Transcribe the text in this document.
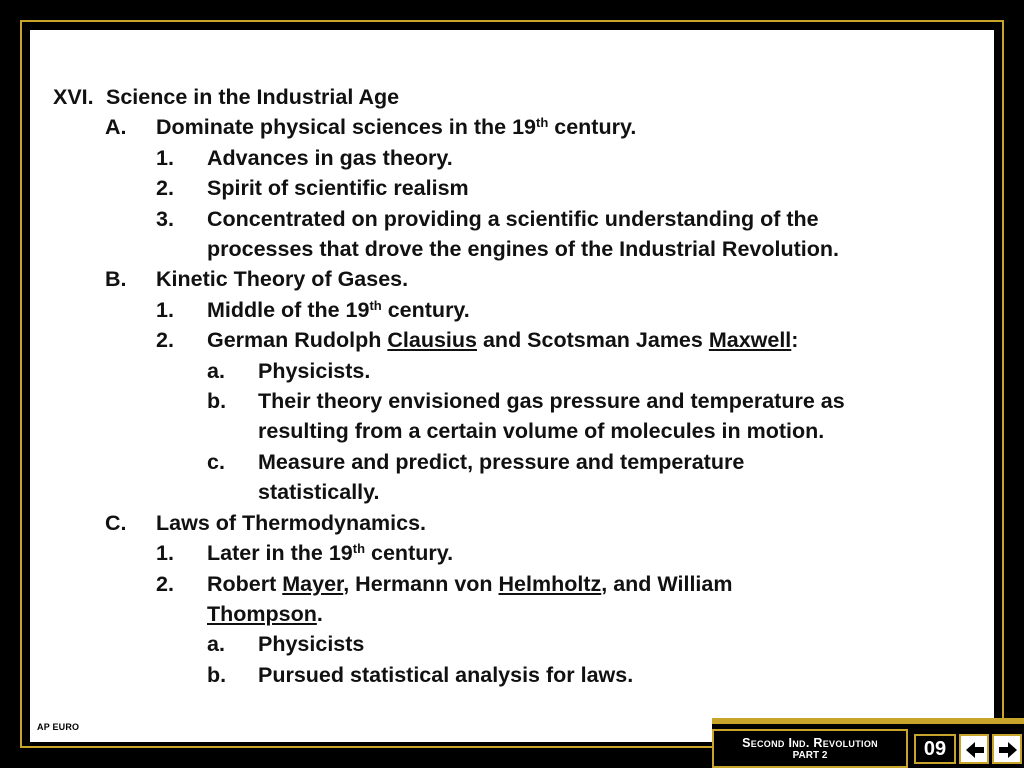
XVI. Science in the Industrial Age
A.	Dominate physical sciences in the 19th century.
1.	Advances in gas theory.
2.	Spirit of scientific realism
3.	Concentrated on providing a scientific understanding of the
processes that drove the engines of the Industrial Revolution.
B.	Kinetic Theory of Gases.
1.	Middle of the 19th century.
2.	German Rudolph Clausius and Scotsman James Maxwell:
a.	Physicists.
b.	Their theory envisioned gas pressure and temperature as
resulting from a certain volume of molecules in motion.
c.	Measure and predict, pressure and temperature
statistically.
C.	Laws of Thermodynamics.
1.	Later in the 19th century.
2.	Robert Mayer, Hermann von Helmholtz, and William
Thompson.
a.	Physicists
b.	Pursued statistical analysis for laws.
AP EURO
Second Ind. Revolution
PART 2	09
